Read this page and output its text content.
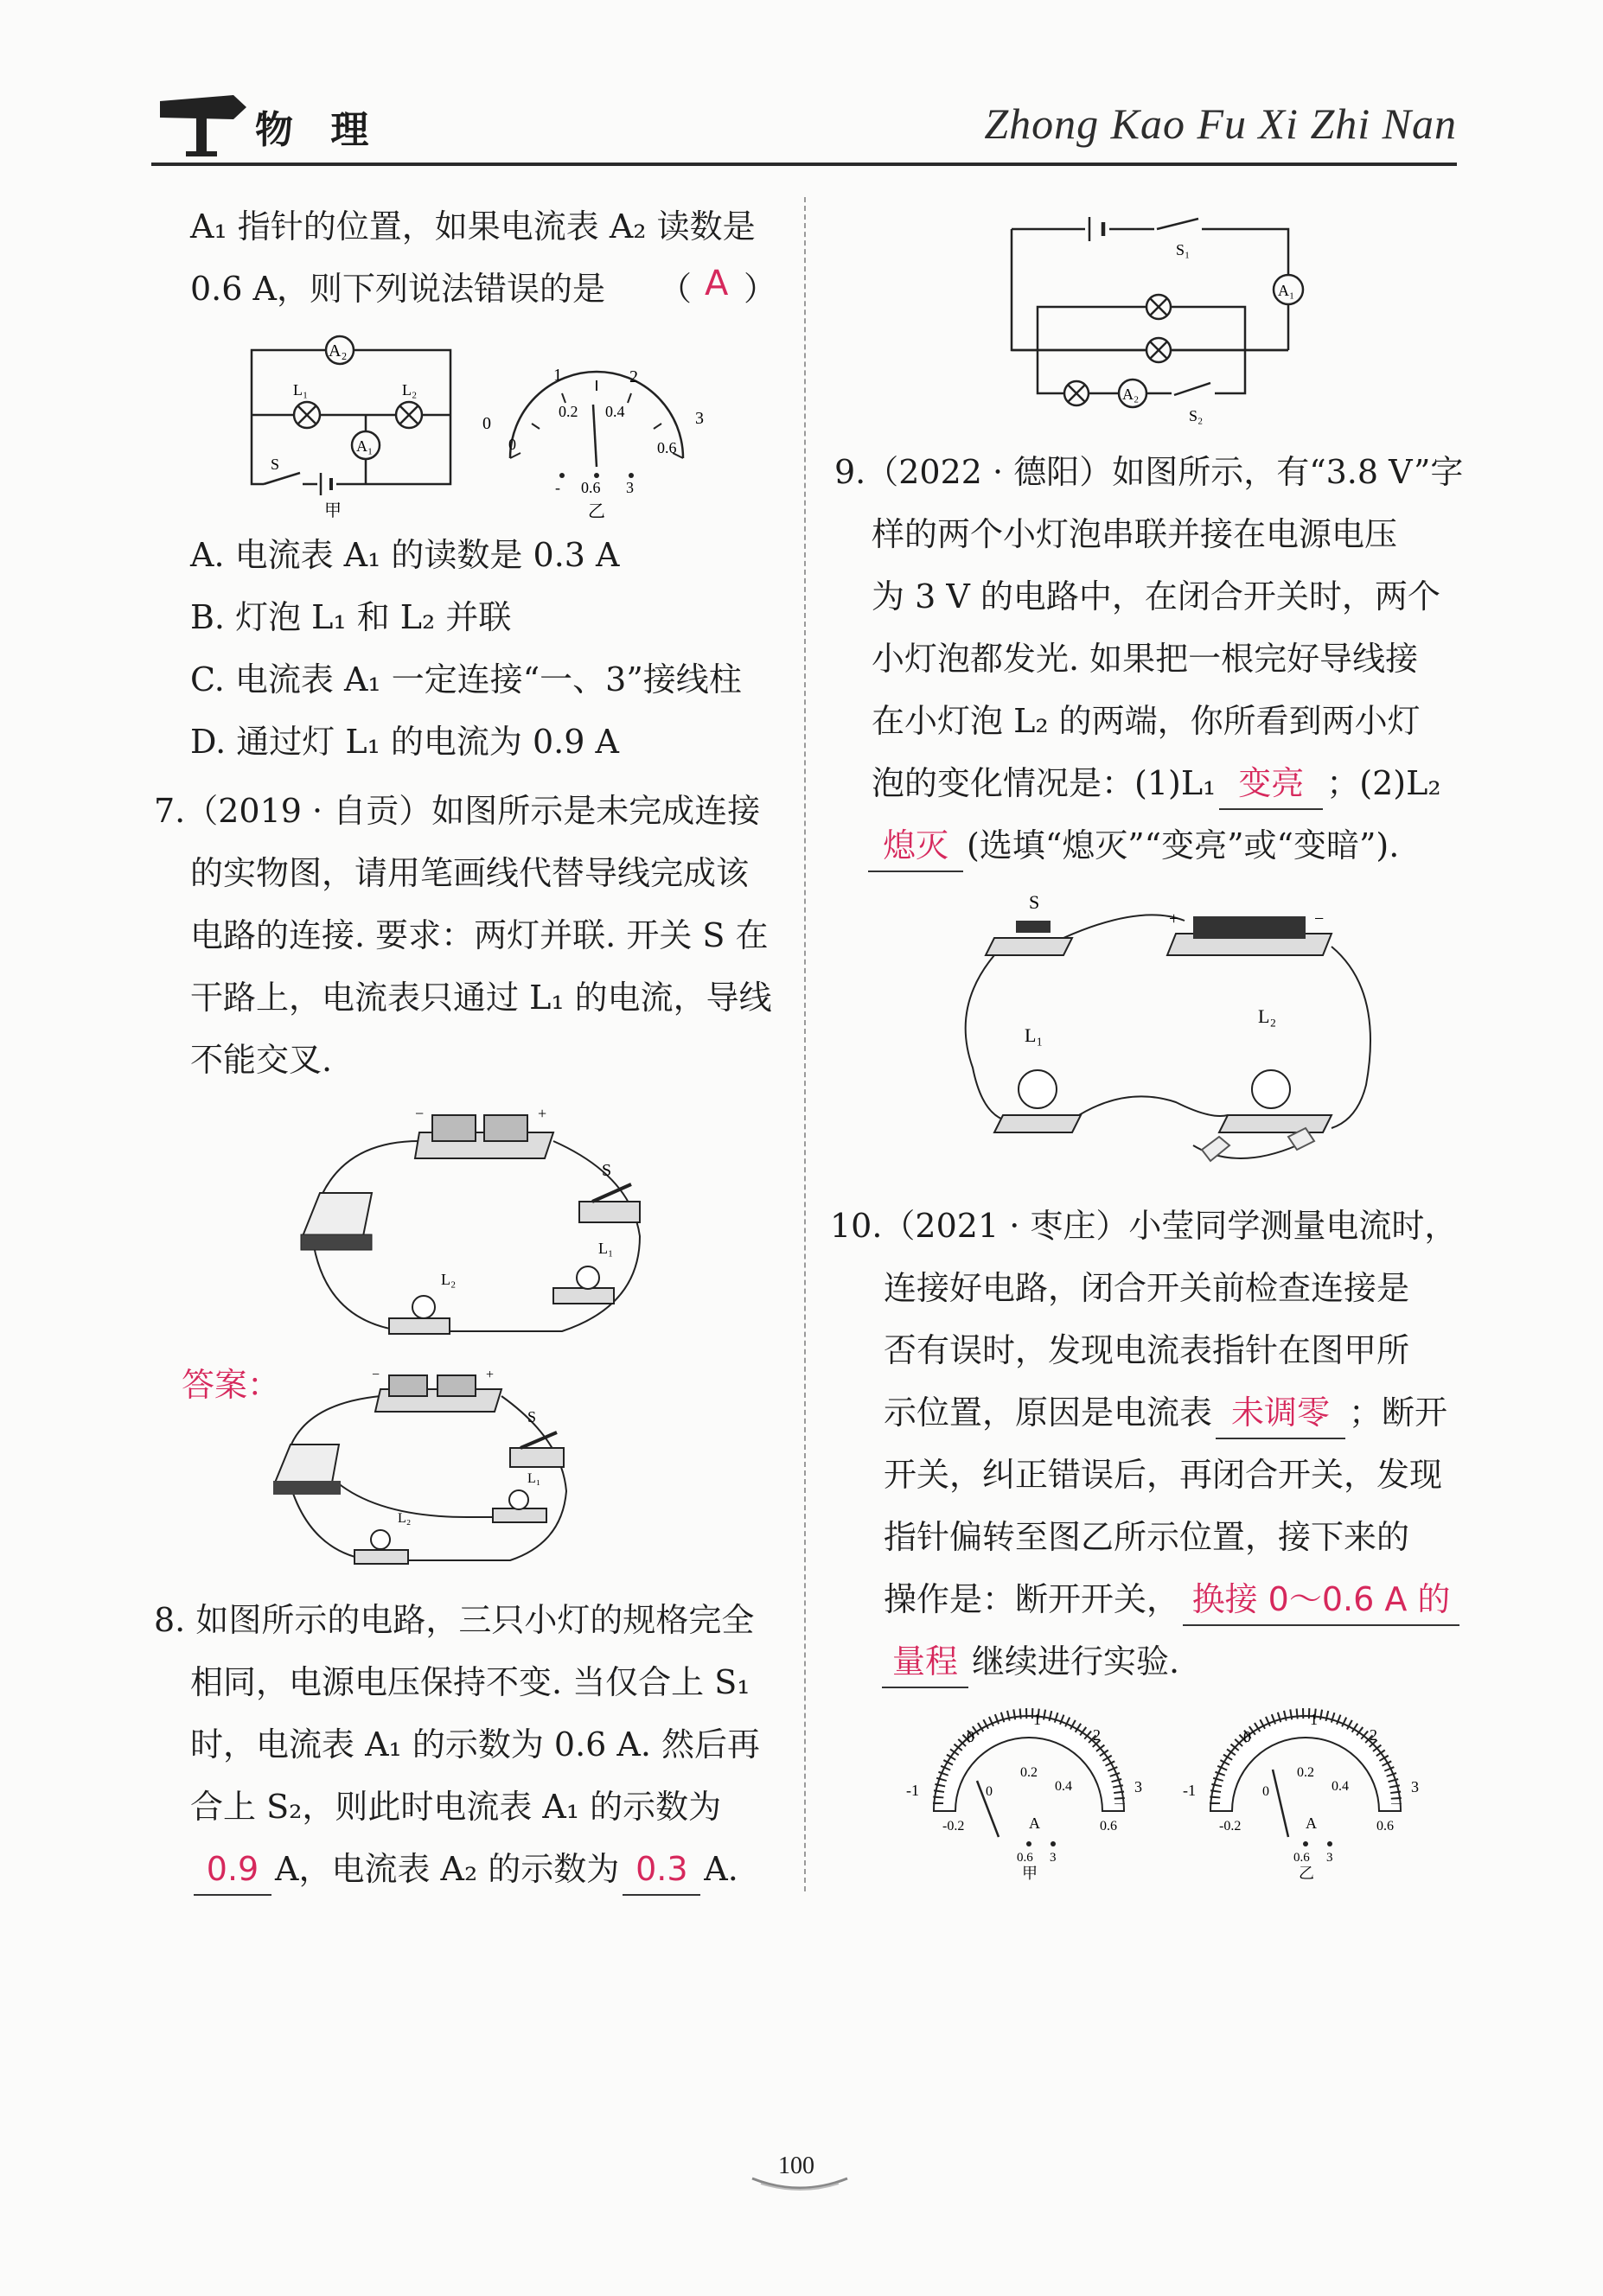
物 理	Zhong Kao Fu Xi Zhi Nan
A₁ 指针的位置，如果电流表 A₂ 读数是
0.6 A，则下列说法错误的是 （ A ）
A₂
L₁
A₁
L₂
S
甲
0
1	2
3
0
0.2 0.4
0.6
- 0.6 3
乙
A. 电流表 A₁ 的读数是 0.3 A
B. 灯泡 L₁ 和 L₂ 并联
C. 电流表 A₁ 一定连接“一、3”接线柱
D. 通过灯 L₁ 的电流为 0.9 A
7.（2019 · 自贡）如图所示是未完成连接
的实物图，请用笔画线代替导线完成该
电路的连接. 要求：两灯并联. 开关 S 在
干路上，电流表只通过 L₁ 的电流，导线
不能交叉.
−	+
S
L₁
L₂
答案：	−	+
S
L₁
L₂
8. 如图所示的电路，三只小灯的规格完全
相同，电源电压保持不变. 当仅合上 S₁
时，电流表 A₁ 的示数为 0.6 A. 然后再
合上 S₂，则此时电流表 A₁ 的示数为
0.9 A，电流表 A₂ 的示数为 0.3 A.
S₁
A₁
A₂
S₂
9.（2022 · 德阳）如图所示，有“3.8 V”字
样的两个小灯泡串联并接在电源电压
为 3 V 的电路中，在闭合开关时，两个
小灯泡都发光. 如果把一根完好导线接
在小灯泡 L₂ 的两端，你所看到两小灯
泡的变化情况是：(1)L₁ 变亮 ；(2)L₂
熄灭 (选填“熄灭”“变亮”或“变暗”).
S
+	−
L₁
L₂
10.（2021 · 枣庄）小莹同学测量电流时，
连接好电路，闭合开关前检查连接是
否有误时，发现电流表指针在图甲所
示位置，原因是电流表 未调零 ；断开
开关，纠正错误后，再闭合开关，发现
指针偏转至图乙所示位置，接下来的
操作是：断开开关， 换接 0～0.6 A 的
量程 继续进行实验.
-1
0
1
2
3
-0.2
0
0.2
0.4
0.6
A
0.6 3
甲
-1
0
1
2
3
-0.2
0
0.2
0.4
0.6
A
0.6 3
乙
100
